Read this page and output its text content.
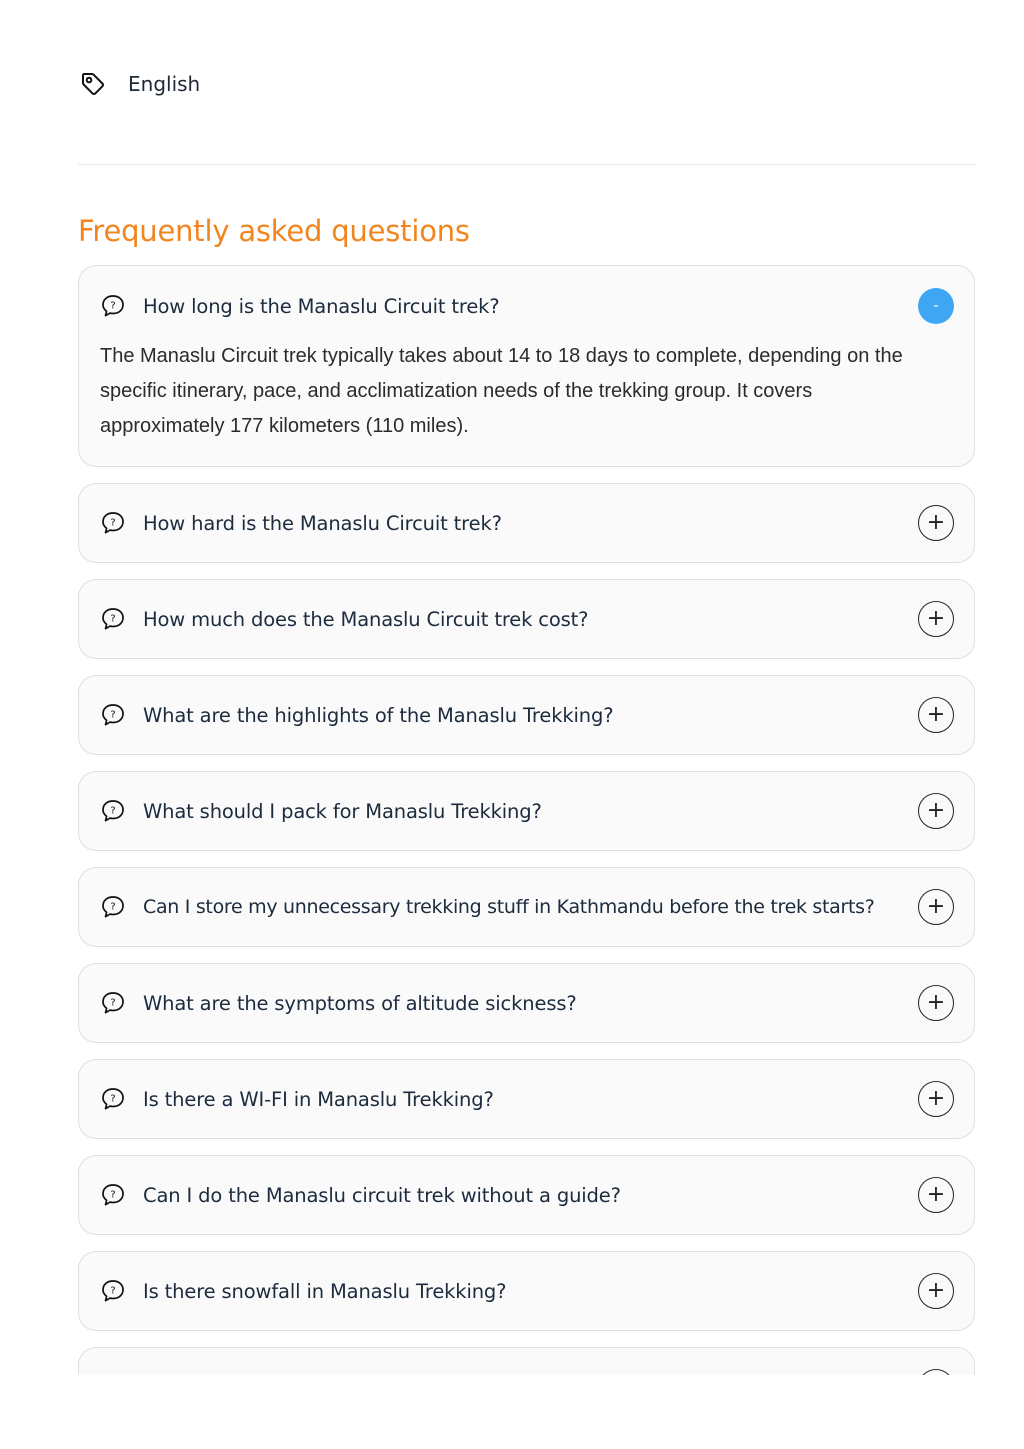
English
Frequently asked questions
? How long is the Manaslu Circuit trek?	-
The Manaslu Circuit trek typically takes about 14 to 18 days to complete, depending on the specific itinerary, pace, and acclimatization needs of the trekking group. It covers approximately 177 kilometers (110 miles).
? How hard is the Manaslu Circuit trek?	+
? How much does the Manaslu Circuit trek cost?	+
? What are the highlights of the Manaslu Trekking?	+
? What should I pack for Manaslu Trekking?	+
? Can I store my unnecessary trekking stuff in Kathmandu before the trek starts?	+
? What are the symptoms of altitude sickness?	+
? Is there a WI-FI in Manaslu Trekking?	+
? Can I do the Manaslu circuit trek without a guide?	+
? Is there snowfall in Manaslu Trekking?	+
